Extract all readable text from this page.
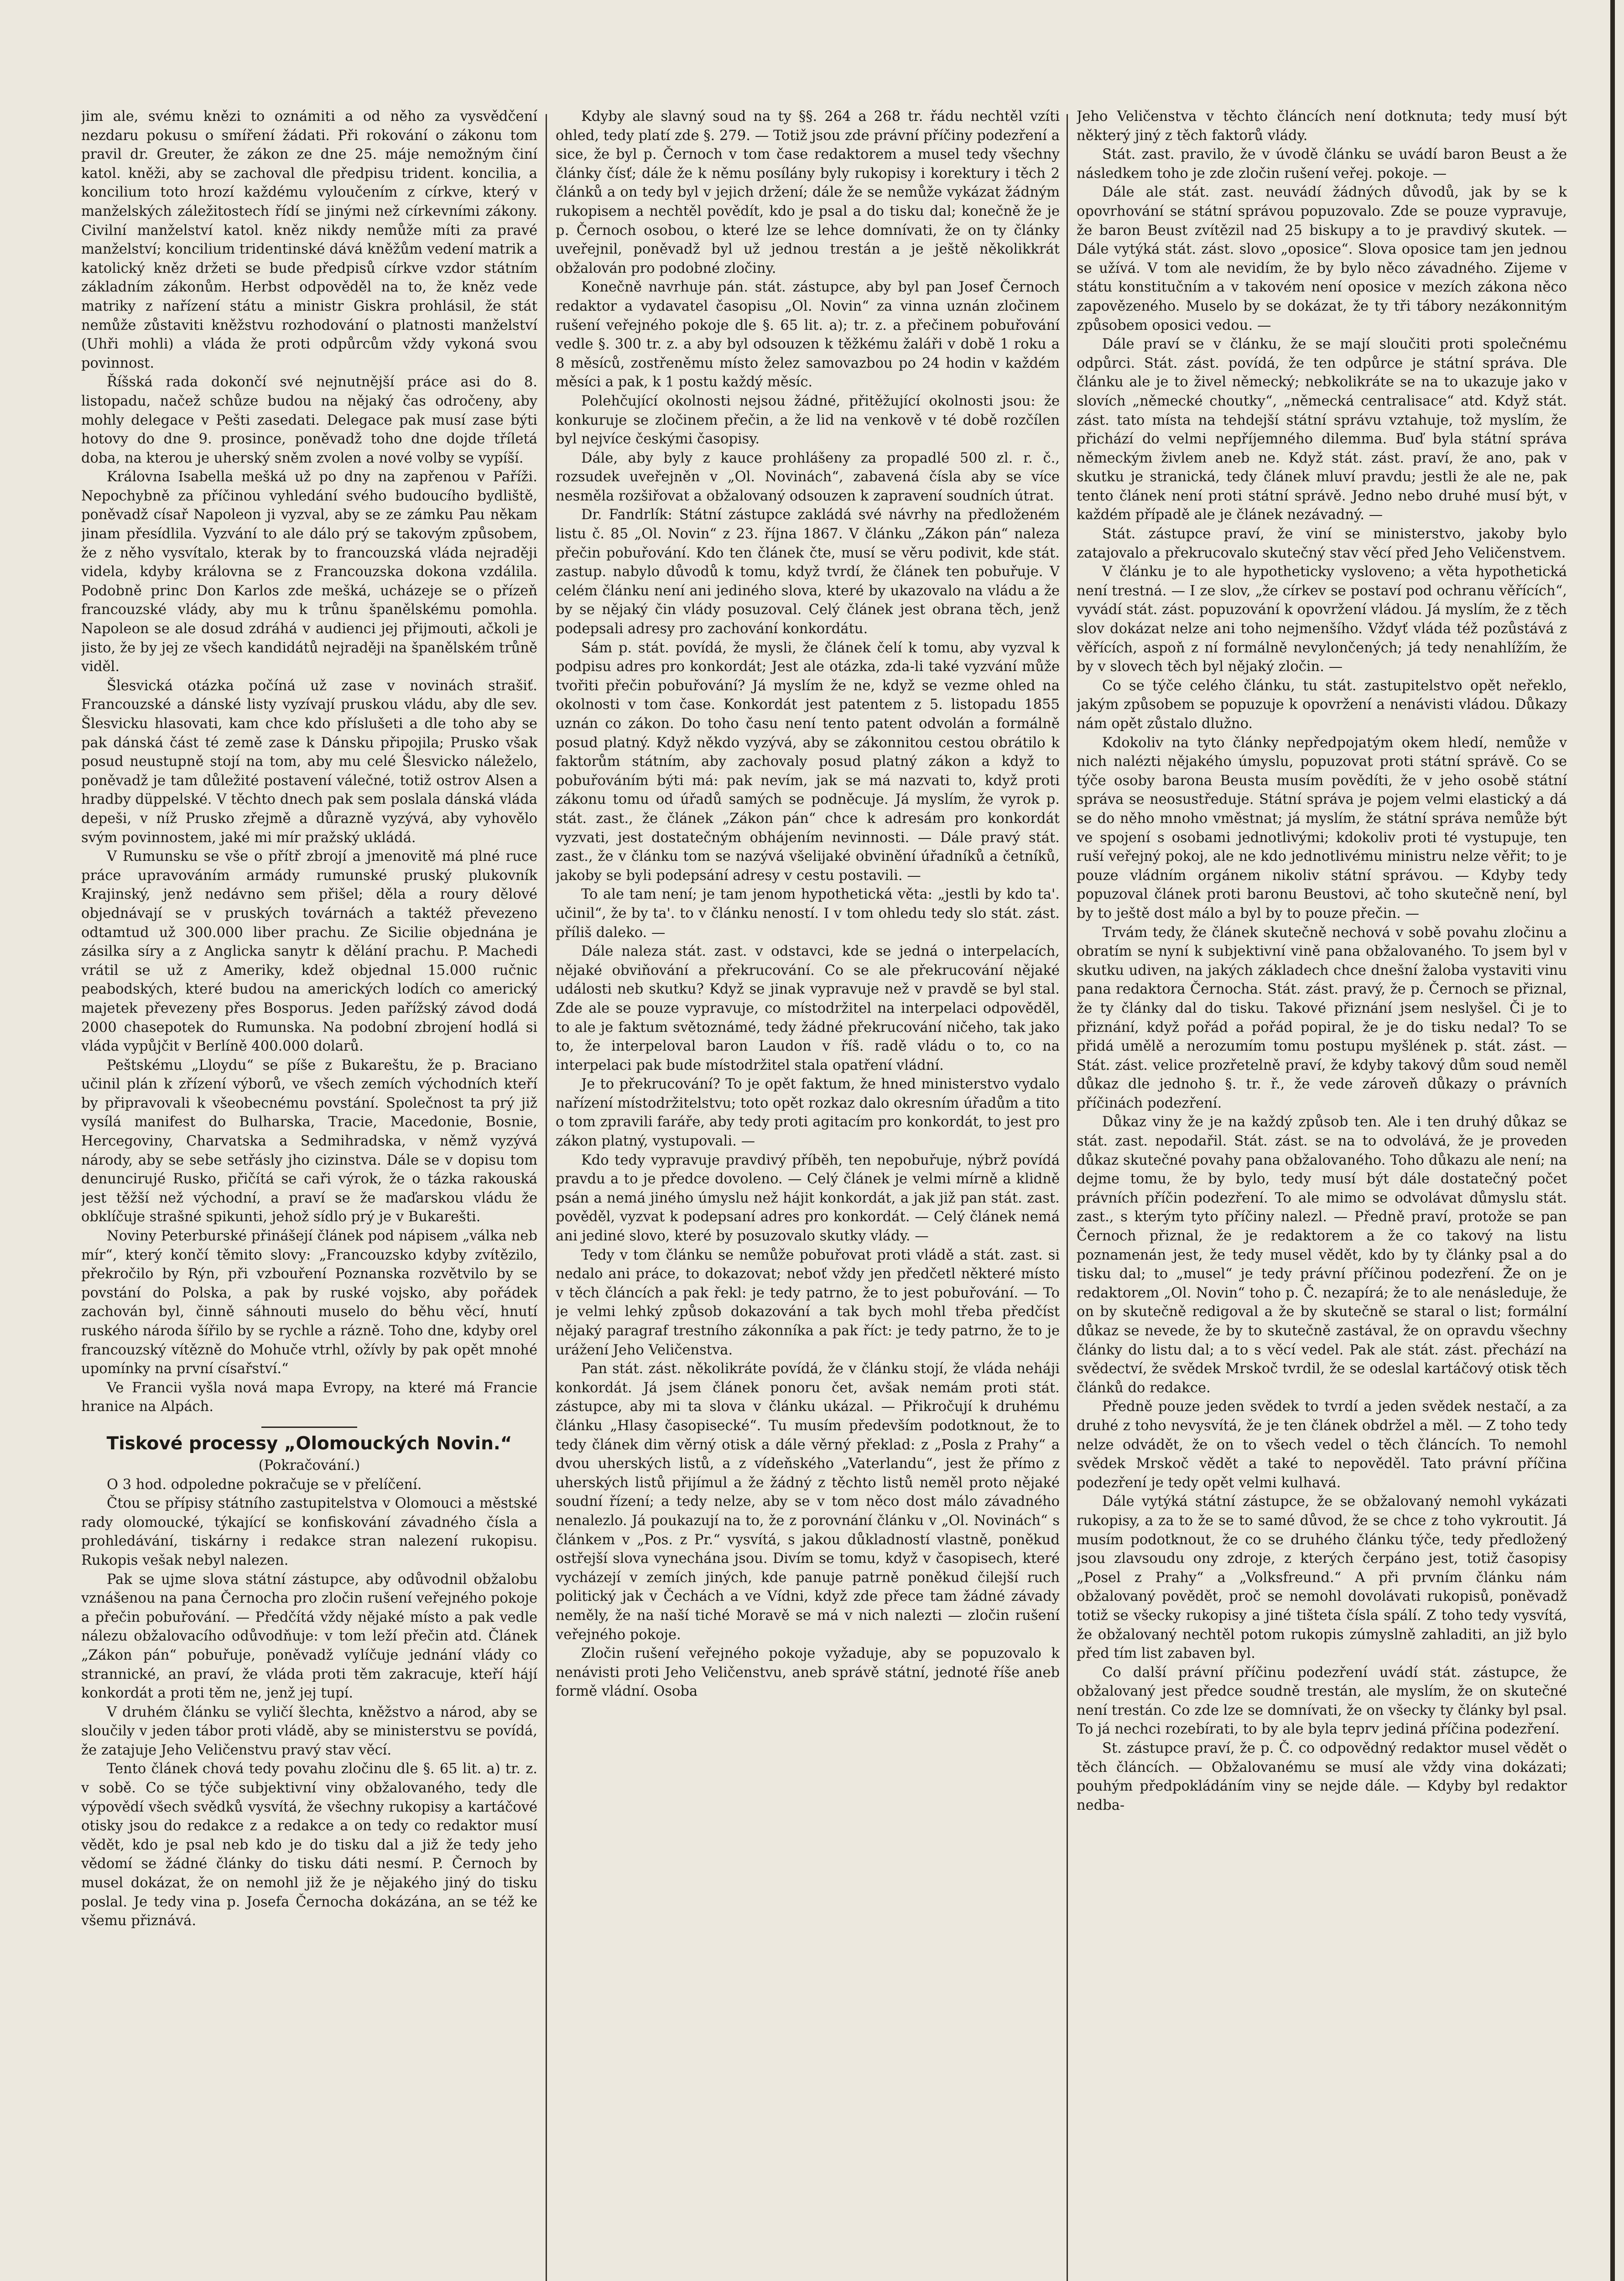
jim ale, svému knězi to oznámiti a od něho za vysvědčení nezdaru pokusu o smíření žádati. Při rokování o zákonu tom pravil dr. Greuter, že zákon ze dne 25. máje nemožným činí katol. kněži, aby se zachoval dle předpisu trident. koncilia, a koncilium toto hrozí každému vyloučením z církve, který v manželských záležitostech řídí se jinými než církevními zákony. Civilní manželství katol. kněz nikdy nemůže míti za pravé manželství; koncilium tridentinské dává kněžům vedení matrik a katolický kněz držeti se bude předpisů církve vzdor státním základním zákonům. Herbst odpověděl na to, že kněz vede matriky z nařízení státu a ministr Giskra prohlásil, že stát nemůže zůstaviti kněžstvu rozhodování o platnosti manželství (Uhři mohli) a vláda že proti odpůrcům vždy vykoná svou povinnost.

Říšská rada dokončí své nejnutnější práce asi do 8. listopadu, načež schůze budou na nějaký čas odročeny, aby mohly delegace v Pešti zasedati. Delegace pak musí zase býti hotovy do dne 9. prosince, poněvadž toho dne dojde tříletá doba, na kterou je uherský sněm zvolen a nové volby se vypíší.

Královna Isabella mešká už po dny na zapřenou v Paříži. Nepochybně za příčinou vyhledání svého budoucího bydliště, poněvadž císař Napoleon ji vyzval, aby se ze zámku Pau někam jinam přesídlila. Vyzvání to ale dálo prý se takovým způsobem, že z něho vysvítalo, kterak by to francouzská vláda nejraději videla, kdyby královna se z Francouzska dokona vzdálila. Podobně princ Don Karlos zde mešká, ucházeje se o přízeň francouzské vlády, aby mu k trůnu španělskému pomohla. Napoleon se ale dosud zdráhá v audienci jej přijmouti, ačkoli je jisto, že by jej ze všech kandidátů nejraději na španělském trůně viděl.

Šlesvická otázka počíná už zase v novinách strašiť. Francouzské a dánské listy vyzívají pruskou vládu, aby dle sev. Šlesvicku hlasovati, kam chce kdo příslušeti a dle toho aby se pak dánská část té země zase k Dánsku připojila; Prusko však posud neustupně stojí na tom, aby mu celé Šlesvicko náleželo, poněvadž je tam důležité postavení válečné, totiž ostrov Alsen a hradby düppelské. V těchto dnech pak sem poslala dánská vláda depeši, v níž Prusko zřejmě a důrazně vyzývá, aby vyhovělo svým povinnostem, jaké mi mír pražský ukládá.

V Rumunsku se vše o přítř zbrojí a jmenovitě má plné ruce práce upravováním armády rumunské pruský plukovník Krajinský, jenž nedávno sem přišel; děla a roury dělové objednávají se v pruských továrnách a taktéž převezeno odtamtud už 300.000 liber prachu. Ze Sicilie objednána je zásilka síry a z Anglicka sanytr k dělání prachu. P. Machedi vrátil se už z Ameriky, kdež objednal 15.000 ručnic peabodských, které budou na amerických lodích co americký majetek převezeny přes Bosporus. Jeden pařížský závod dodá 2000 chasepotek do Rumunska. Na podobní zbrojení hodlá si vláda vypůjčit v Berlíně 400.000 dolarů.

Peštskému „Lloydu“ se píše z Bukareštu, že p. Braciano učinil plán k zřízení výborů, ve všech zemích východních kteří by připravovali k všeobecnému povstání. Společnost ta prý již vysílá manifest do Bulharska, Tracie, Macedonie, Bosnie, Hercegoviny, Charvatska a Sedmihradska, v němž vyzývá národy, aby se sebe setřásly jho cizinstva. Dále se v dopisu tom denuncirujé Rusko, přičítá se caři výrok, že o tázka rakouská jest těžší než východní, a praví se že maďarskou vládu že obklíčuje strašné spikunti, jehož sídlo prý je v Bukarešti.

Noviny Peterburské přinášejí článek pod nápisem „válka neb mír“, který končí těmito slovy: „Francouzsko kdyby zvítězilo, překročilo by Rýn, při vzbouření Poznanska rozvětvilo by se povstání do Polska, a pak by ruské vojsko, aby pořádek zachován byl, činně sáhnouti muselo do běhu věcí, hnutí ruského národa šířilo by se rychle a rázně. Toho dne, kdyby orel francouzský vítězně do Mohuče vtrhl, ožívly by pak opět mnohé upomínky na první císařství.“

Ve Francii vyšla nová mapa Evropy, na které má Francie hranice na Alpách.

Tiskové processy „Olomouckých Novin.“

(Pokračování.)

O 3 hod. odpoledne pokračuje se v přelíčení.

Čtou se přípisy státního zastupitelstva v Olomouci a městské rady olomoucké, týkající se konfiskování závadného čísla a prohledávání, tiskárny i redakce stran nalezení rukopisu. Rukopis vešak nebyl nalezen.

Pak se ujme slova státní zástupce, aby odůvodnil obžalobu vznášenou na pana Černocha pro zločin rušení veřejného pokoje a přečin pobuřování. — Předčítá vždy nějaké místo a pak vedle nálezu obžalovacího odůvodňuje: v tom leží přečin atd. Článek „Zákon pán“ pobuřuje, poněvadž vylíčuje jednání vlády co strannické, an praví, že vláda proti těm zakracuje, kteří hájí konkordát a proti těm ne, jenž jej tupí.

V druhém článku se vyličí šlechta, kněžstvo a národ, aby se sloučily v jeden tábor proti vládě, aby se ministerstvu se povídá, že zatajuje Jeho Veličenstvu pravý stav věcí.

Tento článek chová tedy povahu zločinu dle §. 65 lit. a) tr. z. v sobě. Co se týče subjektivní viny obžalovaného, tedy dle výpovědí všech svědků vysvítá, že všechny rukopisy a kartáčové otisky jsou do redakce z a redakce a on tedy co redaktor musí vědět, kdo je psal neb kdo je do tisku dal a již že tedy jeho vědomí se žádné články do tisku dáti nesmí. P. Černoch by musel dokázat, že on nemohl již že je nějakého jiný do tisku poslal. Je tedy vina p. Josefa Černocha dokázána, an se též ke všemu přiznává.

Kdyby ale slavný soud na ty §§. 264 a 268 tr. řádu nechtěl vzíti ohled, tedy platí zde §. 279. — Totiž jsou zde právní příčiny podezření a sice, že byl p. Černoch v tom čase redaktorem a musel tedy všechny články čísť; dále že k němu posílány byly rukopisy i korektury i těch 2 článků a on tedy byl v jejich držení; dále že se nemůže vykázat žádným rukopisem a nechtěl povědít, kdo je psal a do tisku dal; konečně že je p. Černoch osobou, o které lze se lehce domnívati, že on ty články uveřejnil, poněvadž byl už jednou trestán a je ještě několikkrát obžalován pro podobné zločiny.

Konečně navrhuje pán. stát. zástupce, aby byl pan Josef Černoch redaktor a vydavatel časopisu „Ol. Novin“ za vinna uznán zločinem rušení veřejného pokoje dle §. 65 lit. a); tr. z. a přečinem pobuřování vedle §. 300 tr. z. a aby byl odsouzen k těžkému žaláři v době 1 roku a 8 měsíců, zostřeněmu místo želez samovazbou po 24 hodin v každém měsíci a pak, k 1 postu každý měsíc.

Polehčující okolnosti nejsou žádné, přitěžující okolnosti jsou: že konkuruje se zločinem přečin, a že lid na venkově v té době rozčílen byl nejvíce českými časopisy.

Dále, aby byly z kauce prohlášeny za propadlé 500 zl. r. č., rozsudek uveřejněn v „Ol. Novinách“, zabavená čísla aby se více nesměla rozšiřovat a obžalovaný odsouzen k zapravení soudních útrat.

Dr. Fandrlík: Státní zástupce zakládá své návrhy na předloženém listu č. 85 „Ol. Novin“ z 23. října 1867. V článku „Zákon pán“ naleza přečin pobuřování. Kdo ten článek čte, musí se věru podivit, kde stát. zastup. nabylo důvodů k tomu, když tvrdí, že článek ten pobuřuje. V celém článku není ani jediného slova, které by ukazovalo na vládu a že by se nějaký čin vlády posuzoval. Celý článek jest obrana těch, jenž podepsali adresy pro zachování konkordátu.

Sám p. stát. povídá, že mysli, že článek čelí k tomu, aby vyzval k podpisu adres pro konkordát; Jest ale otázka, zda-li také vyzvání může tvořiti přečin pobuřování? Já myslím že ne, když se vezme ohled na okolnosti v tom čase. Konkordát jest patentem z 5. listopadu 1855 uznán co zákon. Do toho času není tento patent odvolán a formálně posud platný. Když někdo vyzývá, aby se zákonnitou cestou obrátilo k faktorům státním, aby zachovaly posud platný zákon a když to pobuřováním býti má: pak nevím, jak se má nazvati to, když proti zákonu tomu od úřadů samých se podněcuje. Já myslím, že vyrok p. stát. zast., že článek „Zákon pán“ chce k adresám pro konkordát vyzvati, jest dostatečným obhájením nevinnosti. — Dále pravý stát. zast., že v článku tom se nazývá všelijaké obvinění úřadníků a četníků, jakoby se byli podepsání adresy v cestu postavili. —

To ale tam není; je tam jenom hypothetická věta: „jestli by kdo ta'. učinil“, že by ta'. to v článku neností. I v tom ohledu tedy slo stát. zást. příliš daleko. —

Dále naleza stát. zast. v odstavci, kde se jedná o interpelacích, nějaké obviňování a překrucování. Co se ale překrucování nějaké události neb skutku? Když se jinak vypravuje než v pravdě se byl stal. Zde ale se pouze vypravuje, co místodržitel na interpelaci odpověděl, to ale je faktum světoznámé, tedy žádné překrucování ničeho, tak jako to, že interpeloval baron Laudon v říš. radě vládu o to, co na interpelaci pak bude místodržitel stala opatření vládní.

Je to překrucování? To je opět faktum, že hned ministerstvo vydalo nařízení místodržitelstvu; toto opět rozkaz dalo okresním úřadům a tito o tom zpravili faráře, aby tedy proti agitacím pro konkordát, to jest pro zákon platný, vystupovali. —

Kdo tedy vypravuje pravdivý příběh, ten nepobuřuje, nýbrž povídá pravdu a to je předce dovoleno. — Celý článek je velmi mírně a klidně psán a nemá jiného úmyslu než hájit konkordát, a jak již pan stát. zast. pověděl, vyzvat k podepsaní adres pro konkordát. — Celý článek nemá ani jediné slovo, které by posuzovalo skutky vlády. —

Tedy v tom článku se nemůže pobuřovat proti vládě a stát. zast. si nedalo ani práce, to dokazovat; neboť vždy jen předčetl některé místo v těch článcích a pak řekl: je tedy patrno, že to jest pobuřování. — To je velmi lehký způsob dokazování a tak bych mohl třeba předčíst nějaký paragraf trestního zákonníka a pak říct: je tedy patrno, že to je urážení Jeho Veličenstva.

Pan stát. zást. několikráte povídá, že v článku stojí, že vláda neháji konkordát. Já jsem článek ponoru čet, avšak nemám proti stát. zástupce, aby mi ta slova v článku ukázal. — Přikročují k druhému článku „Hlasy časopisecké“. Tu musím především podotknout, že to tedy článek dim věrný otisk a dále věrný překlad: z „Posla z Prahy“ a dvou uherských listů, a z vídeňského „Vaterlandu“, jest že přímo z uherských listů přijímul a že žádný z těchto listů neměl proto nějaké soudní řízení; a tedy nelze, aby se v tom něco dost málo závadného nenalezlo. Já poukazují na to, že z porovnání článku v „Ol. Novinách“ s článkem v „Pos. z Pr.“ vysvítá, s jakou důkladností vlastně, poněkud ostřejší slova vynechána jsou. Divím se tomu, když v časopisech, které vycházejí v zemích jiných, kde panuje patrně poněkud čilejší ruch politický jak v Čechách a ve Vídni, když zde přece tam žádné závady neměly, že na naší tiché Moravě se má v nich nalezti — zločin rušení veřejného pokoje.

Zločin rušení veřejného pokoje vyžaduje, aby se popuzovalo k nenávisti proti Jeho Veličenstvu, aneb správě státní, jednoté říše aneb formě vládní. Osoba

Jeho Veličenstva v těchto článcích není dotknuta; tedy musí být některý jiný z těch faktorů vlády.

Stát. zast. pravilo, že v úvodě článku se uvádí baron Beust a že následkem toho je zde zločin rušení veřej. pokoje. —

Dále ale stát. zast. neuvádí žádných důvodů, jak by se k opovrhování se státní správou popuzovalo. Zde se pouze vypravuje, že baron Beust zvítězil nad 25 biskupy a to je pravdivý skutek. — Dále vytýká stát. zást. slovo „oposice“. Slova oposice tam jen jednou se užívá. V tom ale nevidím, že by bylo něco závadného. Zijeme v státu konstitučním a v takovém není oposice v mezích zákona něco zapovězeného. Muselo by se dokázat, že ty tři tábory nezákonnitým způsobem oposici vedou. —

Dále praví se v článku, že se mají sloučiti proti společnému odpůrci. Stát. zást. povídá, že ten odpůrce je státní správa. Dle článku ale je to živel německý; nebkolikráte se na to ukazuje jako v slovích „německé choutky“, „německá centralisace“ atd. Když stát. zást. tato místa na tehdejší státní správu vztahuje, tož myslím, že přichází do velmi nepříjemného dilemma. Buď byla státní správa německým živlem aneb ne. Když stát. zást. praví, že ano, pak v skutku je stranická, tedy článek mluví pravdu; jestli že ale ne, pak tento článek není proti státní správě. Jedno nebo druhé musí být, v každém případě ale je článek nezávadný. —

Stát. zástupce praví, že viní se ministerstvo, jakoby bylo zatajovalo a překrucovalo skutečný stav věcí před Jeho Veličenstvem.

V článku je to ale hypotheticky vysloveno; a věta hypothetická není trestná. — I ze slov, „že církev se postaví pod ochranu věřících“, vyvádí stát. zást. popuzování k opovržení vládou. Já myslím, že z těch slov dokázat nelze ani toho nejmenšího. Vždyť vláda též pozůstává z věřících, aspoň z ní formálně nevylončených; já tedy nenahlížím, že by v slovech těch byl nějaký zločin. —

Co se týče celého článku, tu stát. zastupitelstvo opět neřeklo, jakým způsobem se popuzuje k opovržení a nenávisti vládou. Důkazy nám opět zůstalo dlužno.

Kdokoliv na tyto články nepředpojatým okem hledí, nemůže v nich nalézti nějakého úmyslu, popuzovat proti státní správě. Co se týče osoby barona Beusta musím povědíti, že v jeho osobě státní správa se neosustředuje. Státní správa je pojem velmi elastický a dá se do něho mnoho vměstnat; já myslím, že státní správa nemůže být ve spojení s osobami jednotlivými; kdokoliv proti té vystupuje, ten ruší veřejný pokoj, ale ne kdo jednotlivému ministru nelze věřit; to je pouze vládním orgánem nikoliv státní správou. — Kdyby tedy popuzoval článek proti baronu Beustovi, ač toho skutečně není, byl by to ještě dost málo a byl by to pouze přečin. —

Trvám tedy, že článek skutečně nechová v sobě povahu zločinu a obratím se nyní k subjektivní vině pana obžalovaného. To jsem byl v skutku udiven, na jakých základech chce dnešní žaloba vystaviti vinu pana redaktora Černocha. Stát. zást. pravý, že p. Černoch se přiznal, že ty články dal do tisku. Takové přiznání jsem neslyšel. Či je to přiznání, když pořád a pořád popiral, že je do tisku nedal? To se přidá umělě a nerozumím tomu postupu myšlének p. stát. zást. — Stát. zást. velice prozřetelně praví, že kdyby takový dům soud neměl důkaz dle jednoho §. tr. ř., že vede zároveň důkazy o právních příčinách podezření.

Důkaz viny že je na každý způsob ten. Ale i ten druhý důkaz se stát. zast. nepodařil. Stát. zást. se na to odvolává, že je proveden důkaz skutečné povahy pana obžalovaného. Toho důkazu ale není; na dejme tomu, že by bylo, tedy musí být dále dostatečný počet právních příčin podezření. To ale mimo se odvolávat důmyslu stát. zast., s kterým tyto příčiny nalezl. — Předně praví, protože se pan Černoch přiznal, že je redaktorem a že co takový na listu poznamenán jest, že tedy musel vědět, kdo by ty články psal a do tisku dal; to „musel“ je tedy právní příčinou podezření. Že on je redaktorem „Ol. Novin“ toho p. Č. nezapírá; že to ale nenásleduje, že on by skutečně redigoval a že by skutečně se staral o list; formální důkaz se nevede, že by to skutečně zastával, že on opravdu všechny články do listu dal; a to s věcí vedel. Pak ale stát. zást. přechází na svědectví, že svědek Mrskoč tvrdil, že se odeslal kartáčový otisk těch článků do redakce.

Předně pouze jeden svědek to tvrdí a jeden svědek nestačí, a za druhé z toho nevysvítá, že je ten článek obdržel a měl. — Z toho tedy nelze odvádět, že on to všech vedel o těch článcích. To nemohl svědek Mrskoč vědět a také to nepověděl. Tato právní příčina podezření je tedy opět velmi kulhavá.

Dále vytýká státní zástupce, že se obžalovaný nemohl vykázati rukopisy, a za to že se to samé důvod, že se chce z toho vykroutit. Já musím podotknout, že co se druhého článku týče, tedy předložený jsou zlavsoudu ony zdroje, z kterých čerpáno jest, totiž časopisy „Posel z Prahy“ a „Volksfreund.“ A při prvním článku nám obžalovaný povědět, proč se nemohl dovolávati rukopisů, poněvadž totiž se všecky rukopisy a jiné tišteta čísla spálí. Z toho tedy vysvítá, že obžalovaný nechtěl potom rukopis zúmyslně zahladiti, an již bylo před tím list zabaven byl.

Co další právní příčinu podezření uvádí stát. zástupce, že obžalovaný jest předce soudně trestán, ale myslím, že on skutečné není trestán. Co zde lze se domnívati, že on všecky ty články byl psal. To já nechci rozebírati, to by ale byla teprv jediná příčina podezření.

St. zástupce praví, že p. Č. co odpovědný redaktor musel vědět o těch článcích. — Obžalovanému se musí ale vždy vina dokázati; pouhým předpokládáním viny se nejde dále. — Kdyby byl redaktor nedba-
